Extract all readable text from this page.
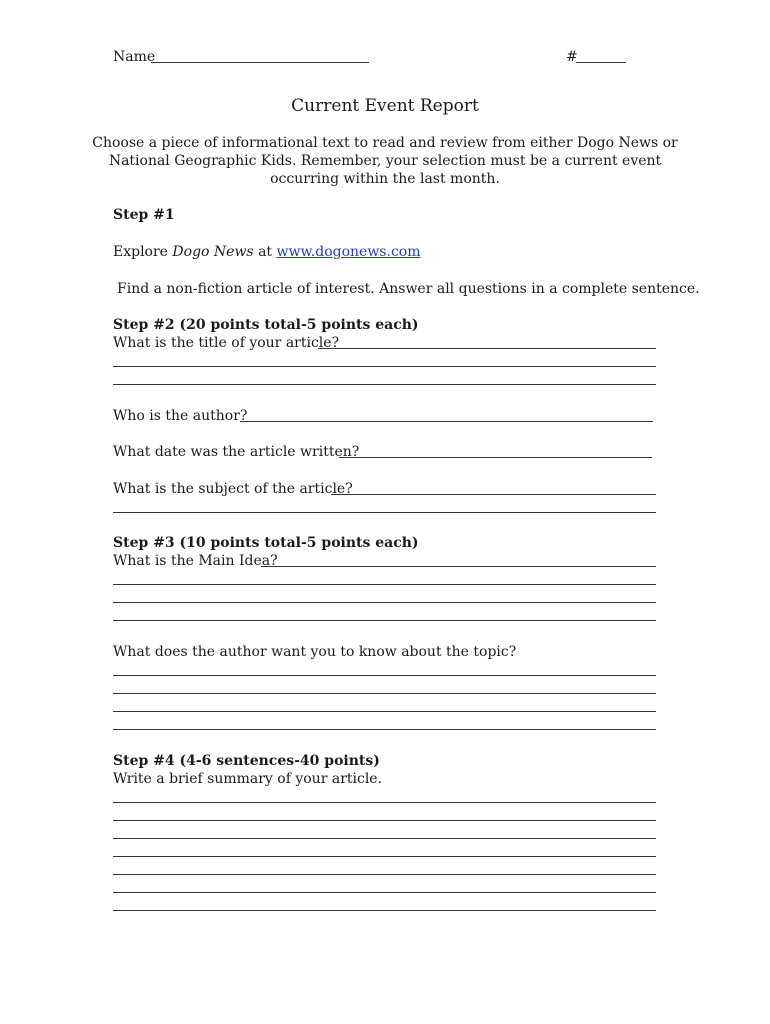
Name	#
Current Event Report
Choose a piece of informational text to read and review from either Dogo News or
National Geographic Kids. Remember, your selection must be a current event
occurring within the last month.
Step #1
Explore Dogo News at www.dogonews.com
Find a non-fiction article of interest. Answer all questions in a complete sentence.
Step #2 (20 points total-5 points each)
What is the title of your article?
Who is the author?
What date was the article written?
What is the subject of the article?
Step #3 (10 points total-5 points each)
What is the Main Idea?
What does the author want you to know about the topic?
Step #4 (4-6 sentences-40 points)
Write a brief summary of your article.
